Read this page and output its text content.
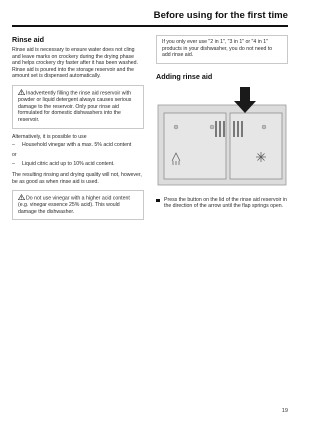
Before using for the first time
Rinse aid
Rinse aid is necessary to ensure water does not cling and leave marks on crockery during the drying phase and helps crockery dry faster after it has been washed.
Rinse aid is poured into the storage reservoir and the amount set is dispensed automatically.
Inadvertently filling the rinse aid reservoir with powder or liquid detergent always causes serious damage to the reservoir. Only pour rinse aid formulated for domestic dishwashers into the reservoir.
Alternatively, it is possible to use
– Household vinegar with a max. 5% acid content
or
– Liquid citric acid up to 10% acid content.
The resulting rinsing and drying quality will not, however, be as good as when rinse aid is used.
Do not use vinegar with a higher acid content (e.g. vinegar essence 25% acid). This would damage the dishwasher.
If you only ever use "2 in 1", "3 in 1" or "4 in 1" products in your dishwasher, you do not need to add rinse aid.
Adding rinse aid
Press the button on the lid of the rinse aid reservoir in the direction of the arrow until the flap springs open.
19
